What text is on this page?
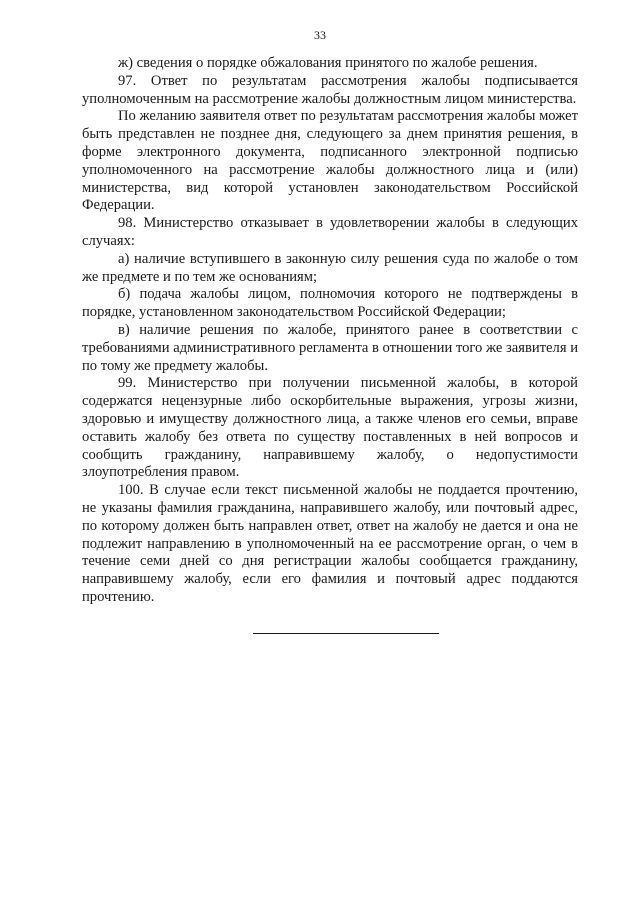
33

ж) сведения о порядке обжалования принятого по жалобе решения.

97. Ответ по результатам рассмотрения жалобы подписывается уполномоченным на рассмотрение жалобы должностным лицом министерства.

По желанию заявителя ответ по результатам рассмотрения жалобы может быть представлен не позднее дня, следующего за днем принятия решения, в форме электронного документа, подписанного электронной подписью уполномоченного на рассмотрение жалобы должностного лица и (или) министерства, вид которой установлен законодательством Российской Федерации.

98. Министерство отказывает в удовлетворении жалобы в следующих случаях:

а) наличие вступившего в законную силу решения суда по жалобе о том же предмете и по тем же основаниям;

б) подача жалобы лицом, полномочия которого не подтверждены в порядке, установленном законодательством Российской Федерации;

в) наличие решения по жалобе, принятого ранее в соответствии с требованиями административного регламента в отношении того же заявителя и по тому же предмету жалобы.

99. Министерство при получении письменной жалобы, в которой содержатся нецензурные либо оскорбительные выражения, угрозы жизни, здоровью и имуществу должностного лица, а также членов его семьи, вправе оставить жалобу без ответа по существу поставленных в ней вопросов и сообщить гражданину, направившему жалобу, о недопустимости злоупотребления правом.

100. В случае если текст письменной жалобы не поддается прочтению, не указаны фамилия гражданина, направившего жалобу, или почтовый адрес, по которому должен быть направлен ответ, ответ на жалобу не дается и она не подлежит направлению в уполномоченный на ее рассмотрение орган, о чем в течение семи дней со дня регистрации жалобы сообщается гражданину, направившему жалобу, если его фамилия и почтовый адрес поддаются прочтению.
